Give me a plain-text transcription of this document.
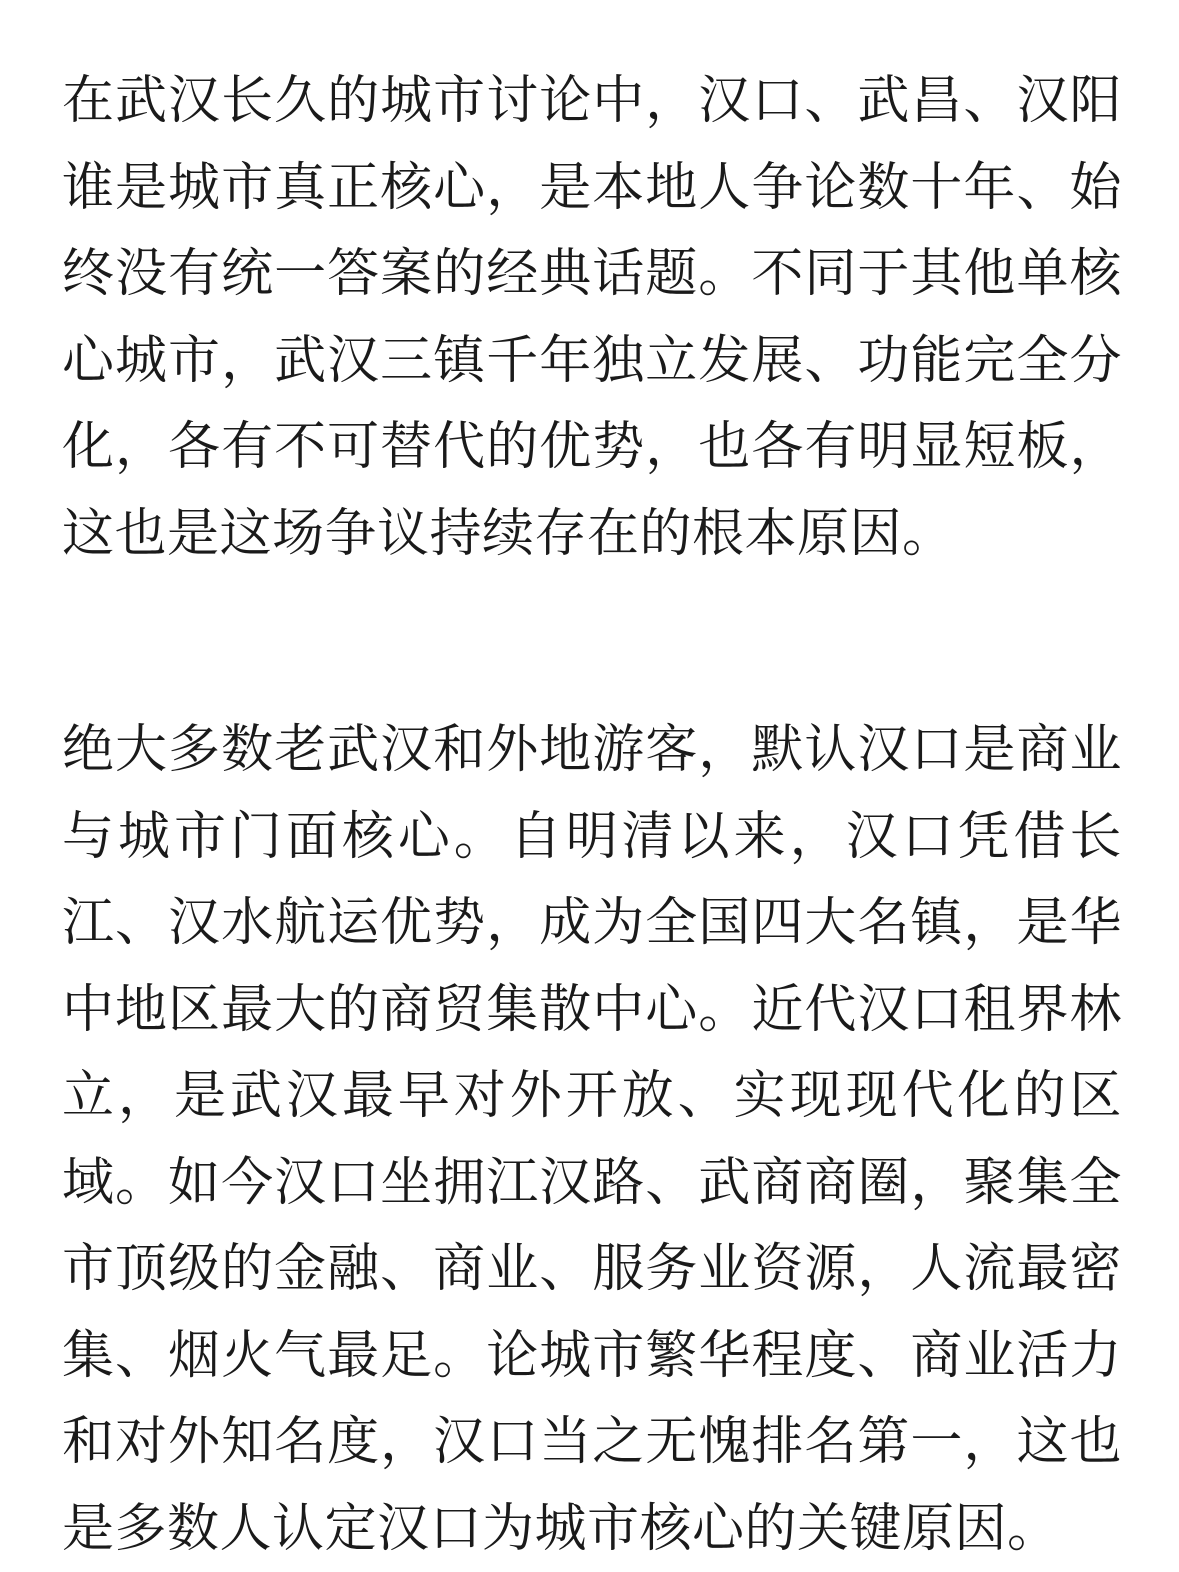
在武汉长久的城市讨论中，汉口、武昌、汉阳谁是城市真正核心，是本地人争论数十年、始终没有统一答案的经典话题。不同于其他单核心城市，武汉三镇千年独立发展、功能完全分化，各有不可替代的优势，也各有明显短板，这也是这场争议持续存在的根本原因。

绝大多数老武汉和外地游客，默认汉口是商业与城市门面核心。自明清以来，汉口凭借长江、汉水航运优势，成为全国四大名镇，是华中地区最大的商贸集散中心。近代汉口租界林立，是武汉最早对外开放、实现现代化的区域。如今汉口坐拥江汉路、武商商圈，聚集全市顶级的金融、商业、服务业资源，人流最密集、烟火气最足。论城市繁华程度、商业活力和对外知名度，汉口当之无愧排名第一，这也是多数人认定汉口为城市核心的关键原因。
